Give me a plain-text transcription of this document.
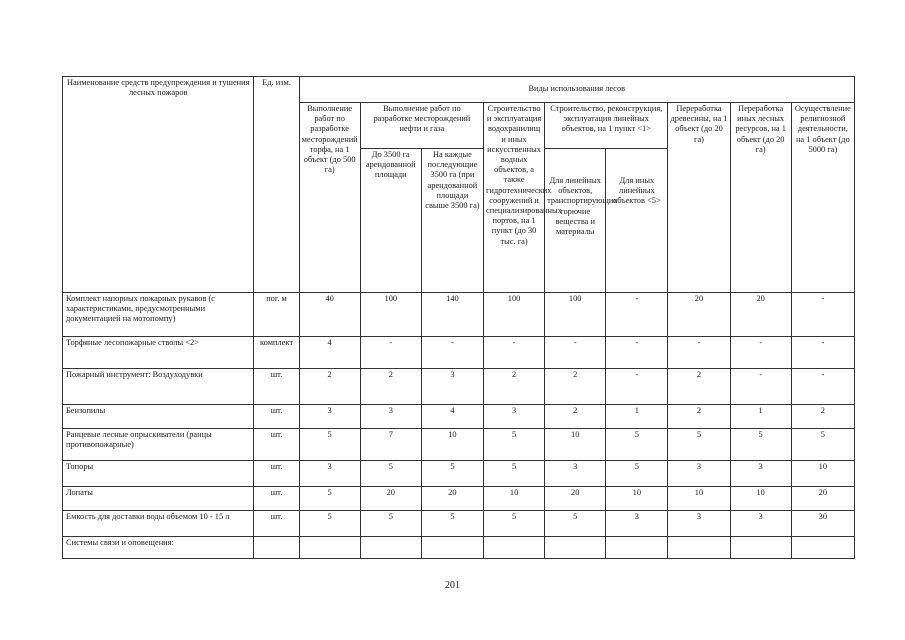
Наименование средств предупреждения и тушения лесных пожаров	Ед. изм.	Виды использования лесов								
		Выполнение работ по разработке месторождений торфа, на 1 объект (до 500 га)	Выполнение работ по разработке месторождений нефти и газа		Строительство и эксплуатация водохранилищ и иных искусственных водных объектов, а также гидротехнических сооружений и специализированных портов, на 1 пункт (до 30 тыс. га)	Строительство, реконструкция, эксплуатация линейных объектов, на 1 пункт <1>		Переработка древесины, на 1 объект (до 20 га)	Переработка иных лесных ресурсов, на 1 объект (до 20 га)	Осуществление религиозной деятельности, на 1 объект (до 5000 га)
			До 3500 га арендованной площади	На каждые последующие 3500 га (при арендованной площади свыше 3500 га)		Для линейных объектов, транспортирующих горючие вещества и материалы	Для иных линейных объектов <5>			
Комплект напорных пожарных рукавов (с характеристиками, предусмотренными документацией на мотопомпу)	пог. м	40	100	140	100	100	-	20	20	-
Торфяные лесопожарные стволы <2>	комплект	4	-	-	-	-	-	-	-	-
Пожарный инструмент: Воздуходувки	шт.	2	2	3	2	2	-	2	-	-
Бензопилы	шт.	3	3	4	3	2	1	2	1	2
Ранцевые лесные опрыскиватели (ранцы противопожарные)	шт.	5	7	10	5	10	5	5	5	5
Топоры	шт.	3	5	5	5	3	5	3	3	10
Лопаты	шт.	5	20	20	10	20	10	10	10	20
Емкость для доставки воды объемом 10 - 15 л	шт.	5	5	5	5	5	3	3	3	30
Системы связи и оповещения:										
201
